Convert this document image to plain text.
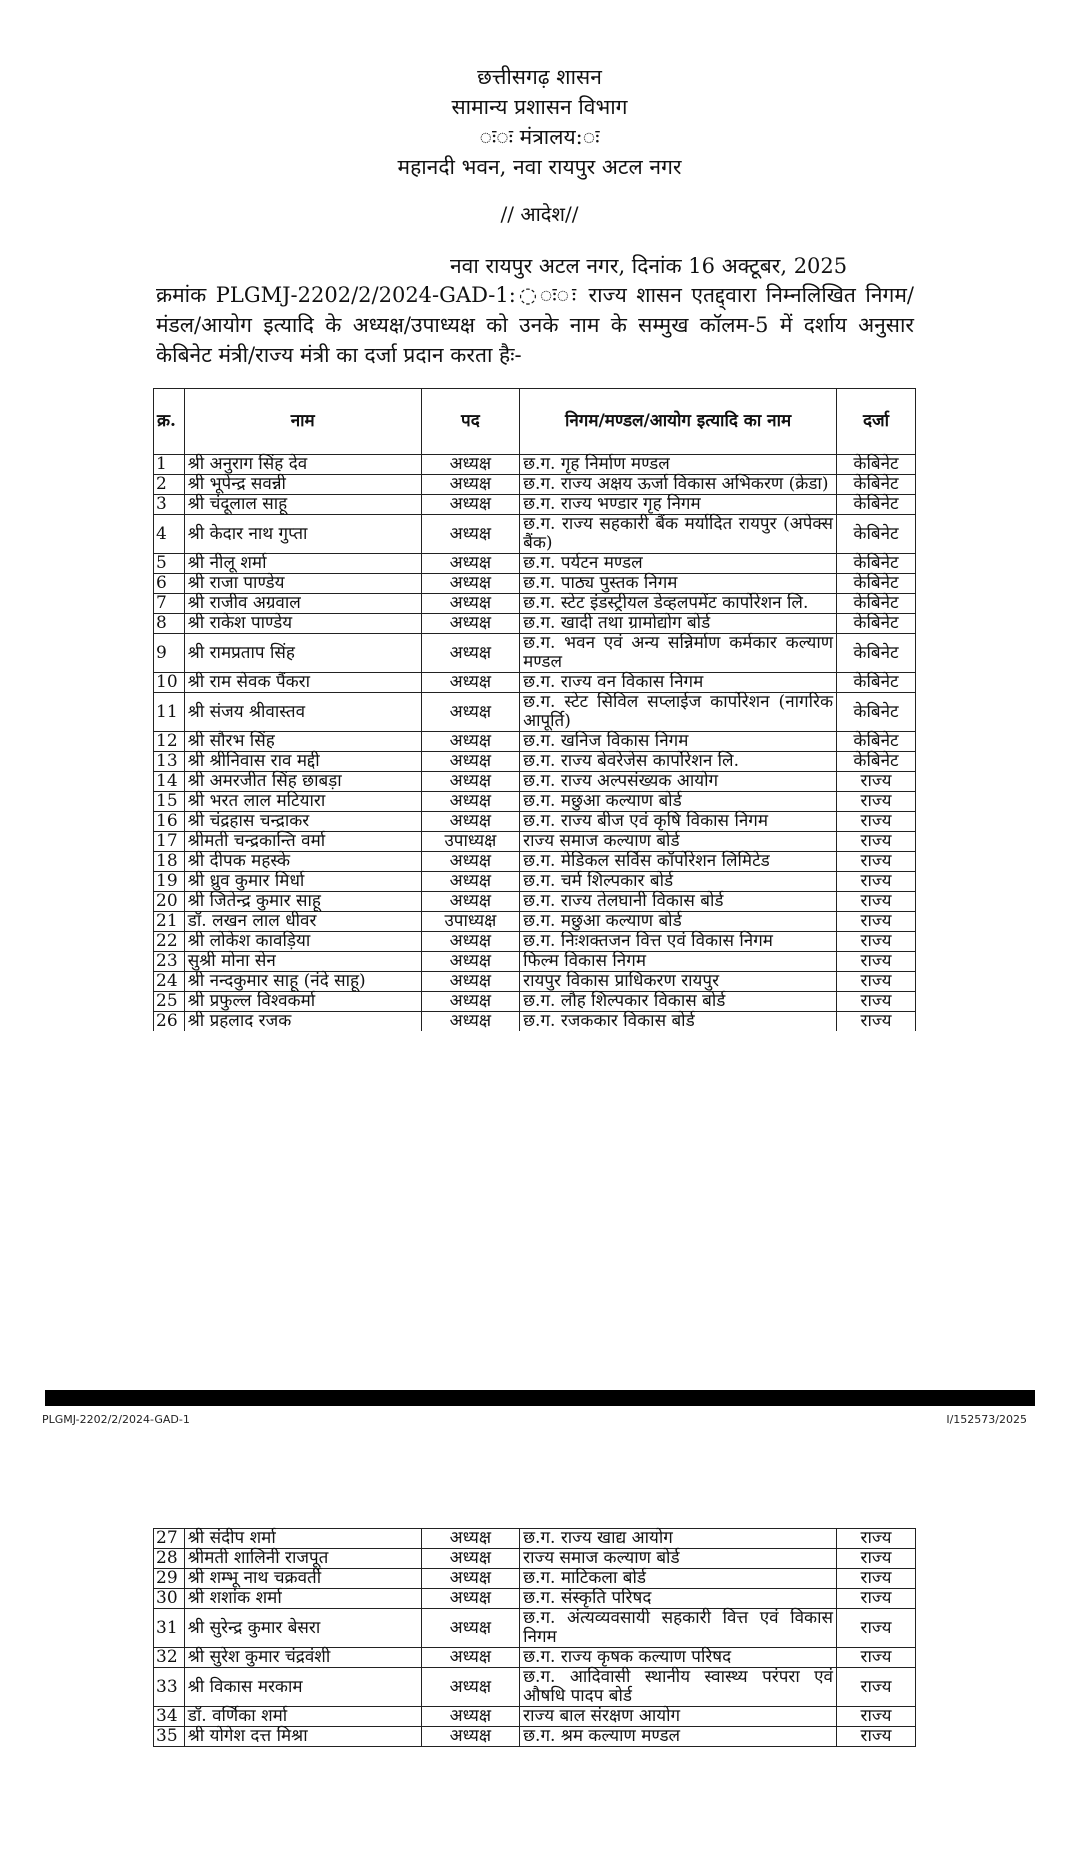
छत्तीसगढ़ शासन
सामान्य प्रशासन विभाग
◌ः◌ः मंत्रालय:◌ः
महानदी भवन, नवा रायपुर अटल नगर
// आदेश//
नवा रायपुर अटल नगर, दिनांक 16 अक्टूबर, 2025
क्रमांक PLGMJ-2202/2/2024-GAD-1:◌ः◌ः राज्य शासन एतद्द्वारा निम्नलिखित निगम/मंडल/आयोग इत्यादि के अध्यक्ष/उपाध्यक्ष को उनके नाम के सम्मुख कॉलम-5 में दर्शाय अनुसार केबिनेट मंत्री/राज्य मंत्री का दर्जा प्रदान करता हैः-
क्र.	नाम	पद	निगम/मण्डल/आयोग इत्यादि का नाम	दर्जा
1	श्री अनुराग सिंह देव	अध्यक्ष	छ.ग. गृह निर्माण मण्डल	केबिनेट
2	श्री भूपेन्द्र सवन्नी	अध्यक्ष	छ.ग. राज्य अक्षय ऊर्जा विकास अभिकरण (क्रेडा)	केबिनेट
3	श्री चंदूलाल साहू	अध्यक्ष	छ.ग. राज्य भण्डार गृह निगम	केबिनेट
4	श्री केदार नाथ गुप्ता	अध्यक्ष	छ.ग. राज्य सहकारी बैंक मर्यादित रायपुर (अपेक्स बैंक)	केबिनेट
5	श्री नीलू शर्मा	अध्यक्ष	छ.ग. पर्यटन मण्डल	केबिनेट
6	श्री राजा पाण्डेय	अध्यक्ष	छ.ग. पाठ्य पुस्तक निगम	केबिनेट
7	श्री राजीव अग्रवाल	अध्यक्ष	छ.ग. स्टेट इंडस्ट्रीयल डेव्हलपमेंट कार्पोरेशन लि.	केबिनेट
8	श्री राकेश पाण्डेय	अध्यक्ष	छ.ग. खादी तथा ग्रामोद्योग बोर्ड	केबिनेट
9	श्री रामप्रताप सिंह	अध्यक्ष	छ.ग. भवन एवं अन्य सन्निर्माण कर्मकार कल्याण मण्डल	केबिनेट
10	श्री राम सेवक पैंकरा	अध्यक्ष	छ.ग. राज्य वन विकास निगम	केबिनेट
11	श्री संजय श्रीवास्तव	अध्यक्ष	छ.ग. स्टेट सिविल सप्लाईज कार्पोरेशन (नागरिक आपूर्ति)	केबिनेट
12	श्री सौरभ सिंह	अध्यक्ष	छ.ग. खनिज विकास निगम	केबिनेट
13	श्री श्रीनिवास राव मद्दी	अध्यक्ष	छ.ग. राज्य बेवरेजेस कार्पोरेशन लि.	केबिनेट
14	श्री अमरजीत सिंह छाबड़ा	अध्यक्ष	छ.ग. राज्य अल्पसंख्यक आयोग	राज्य
15	श्री भरत लाल मटियारा	अध्यक्ष	छ.ग. मछुआ कल्याण बोर्ड	राज्य
16	श्री चंद्रहास चन्द्राकर	अध्यक्ष	छ.ग. राज्य बीज एवं कृषि विकास निगम	राज्य
17	श्रीमती चन्द्रकान्ति वर्मा	उपाध्यक्ष	राज्य समाज कल्याण बोर्ड	राज्य
18	श्री दीपक महस्के	अध्यक्ष	छ.ग. मेडिकल सर्विस कॉर्पोरेशन लिमिटेड	राज्य
19	श्री ध्रुव कुमार मिर्धा	अध्यक्ष	छ.ग. चर्म शिल्पकार बोर्ड	राज्य
20	श्री जितेन्द्र कुमार साहू	अध्यक्ष	छ.ग. राज्य तेलघानी विकास बोर्ड	राज्य
21	डॉ. लखन लाल धीवर	उपाध्यक्ष	छ.ग. मछुआ कल्याण बोर्ड	राज्य
22	श्री लोकेश कावड़िया	अध्यक्ष	छ.ग. निःशक्तजन वित्त एवं विकास निगम	राज्य
23	सुश्री मोना सेन	अध्यक्ष	फिल्म विकास निगम	राज्य
24	श्री नन्दकुमार साहू (नंदे साहू)	अध्यक्ष	रायपुर विकास प्राधिकरण रायपुर	राज्य
25	श्री प्रफुल्ल विश्वकर्मा	अध्यक्ष	छ.ग. लौह शिल्पकार विकास बोर्ड	राज्य
26	श्री प्रहलाद रजक	अध्यक्ष	छ.ग. रजककार विकास बोर्ड	राज्य
PLGMJ-2202/2/2024-GAD-1	I/152573/2025
27	श्री संदीप शर्मा	अध्यक्ष	छ.ग. राज्य खाद्य आयोग	राज्य
28	श्रीमती शालिनी राजपूत	अध्यक्ष	राज्य समाज कल्याण बोर्ड	राज्य
29	श्री शम्भू नाथ चक्रवर्ती	अध्यक्ष	छ.ग. माटिकला बोर्ड	राज्य
30	श्री शशांक शर्मा	अध्यक्ष	छ.ग. संस्कृति परिषद	राज्य
31	श्री सुरेन्द्र कुमार बेसरा	अध्यक्ष	छ.ग. अंत्यव्यवसायी सहकारी वित्त एवं विकास निगम	राज्य
32	श्री सुरेश कुमार चंद्रवंशी	अध्यक्ष	छ.ग. राज्य कृषक कल्याण परिषद	राज्य
33	श्री विकास मरकाम	अध्यक्ष	छ.ग. आदिवासी स्थानीय स्वास्थ्य परंपरा एवं औषधि पादप बोर्ड	राज्य
34	डॉ. वर्णिका शर्मा	अध्यक्ष	राज्य बाल संरक्षण आयोग	राज्य
35	श्री योगेश दत्त मिश्रा	अध्यक्ष	छ.ग. श्रम कल्याण मण्डल	राज्य
